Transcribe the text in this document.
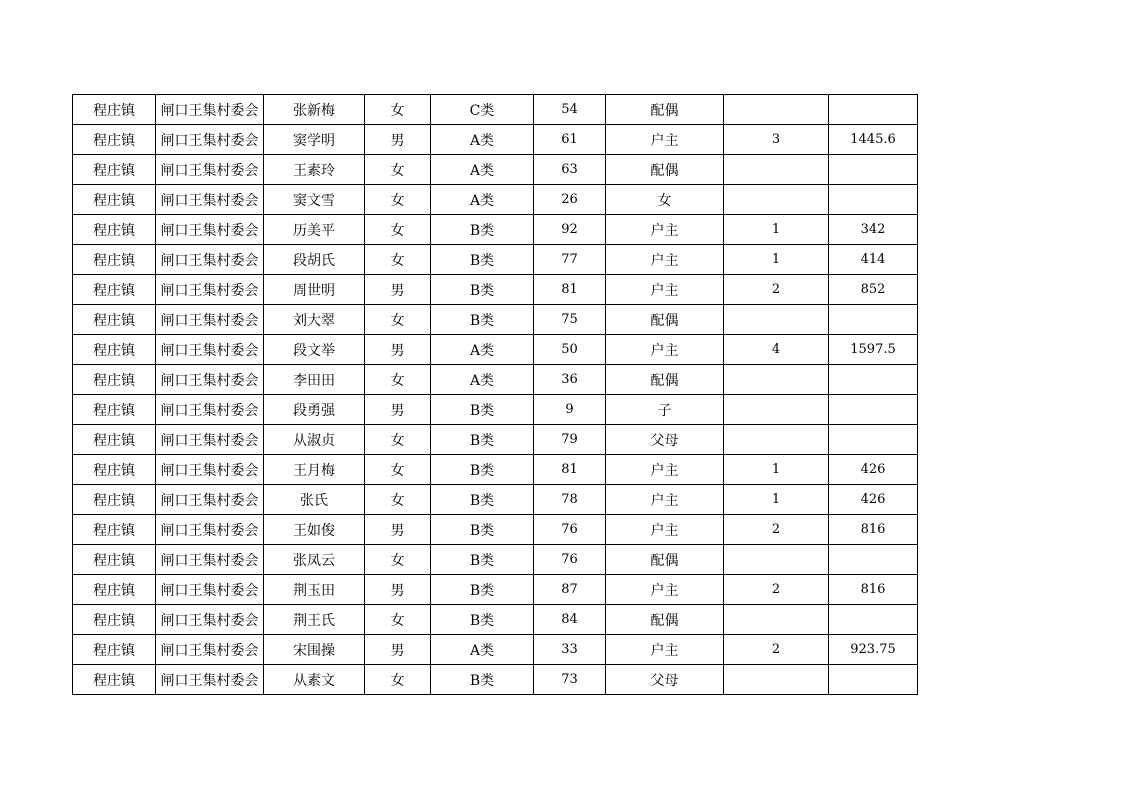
程庄镇	闸口王集村委会	张新梅	女	C类	54	配偶		
程庄镇	闸口王集村委会	窦学明	男	A类	61	户主	3	1445.6
程庄镇	闸口王集村委会	王素玲	女	A类	63	配偶		
程庄镇	闸口王集村委会	窦文雪	女	A类	26	女		
程庄镇	闸口王集村委会	历美平	女	B类	92	户主	1	342
程庄镇	闸口王集村委会	段胡氏	女	B类	77	户主	1	414
程庄镇	闸口王集村委会	周世明	男	B类	81	户主	2	852
程庄镇	闸口王集村委会	刘大翠	女	B类	75	配偶		
程庄镇	闸口王集村委会	段文举	男	A类	50	户主	4	1597.5
程庄镇	闸口王集村委会	李田田	女	A类	36	配偶		
程庄镇	闸口王集村委会	段勇强	男	B类	9	子		
程庄镇	闸口王集村委会	从淑贞	女	B类	79	父母		
程庄镇	闸口王集村委会	王月梅	女	B类	81	户主	1	426
程庄镇	闸口王集村委会	张氏	女	B类	78	户主	1	426
程庄镇	闸口王集村委会	王如俊	男	B类	76	户主	2	816
程庄镇	闸口王集村委会	张凤云	女	B类	76	配偶		
程庄镇	闸口王集村委会	荆玉田	男	B类	87	户主	2	816
程庄镇	闸口王集村委会	荆王氏	女	B类	84	配偶		
程庄镇	闸口王集村委会	宋围操	男	A类	33	户主	2	923.75
程庄镇	闸口王集村委会	从素文	女	B类	73	父母		
